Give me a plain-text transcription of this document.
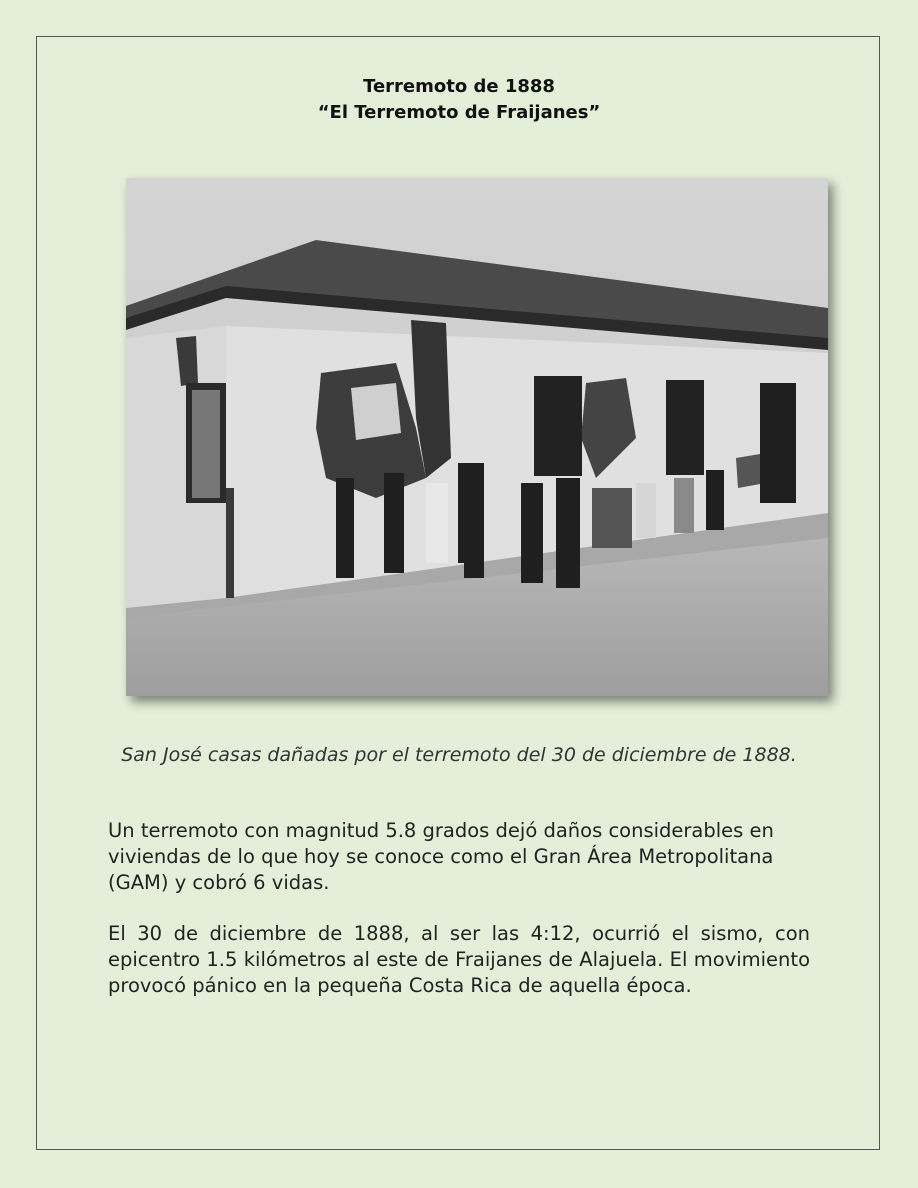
Terremoto de 1888
“El Terremoto de Fraijanes”
San José casas dañadas por el terremoto del 30 de diciembre de 1888.
Un terremoto con magnitud 5.8 grados dejó daños considerables en viviendas de lo que hoy se conoce como el Gran Área Metropolitana (GAM) y cobró 6 vidas.
El 30 de diciembre de 1888, al ser las 4:12, ocurrió el sismo, con epicentro 1.5 kilómetros al este de Fraijanes de Alajuela. El movimiento provocó pánico en la pequeña Costa Rica de aquella época.
